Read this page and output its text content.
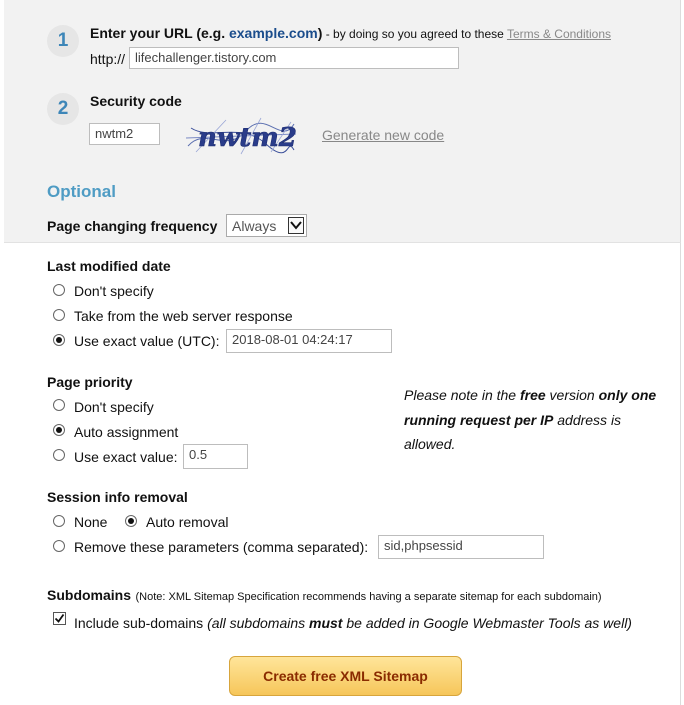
1	Enter your URL (e.g. example.com) - by doing so you agreed to these Terms & Conditions
http:// lifechallenger.tistory.com
2	Security code
nwtm2	nwtm2 Generate new code
Optional
Page changing frequency Always
Last modified date
Don't specify
Take from the web server response
Use exact value (UTC): 2018-08-01 04:24:17
Page priority
Don't specify
Auto assignment
Use exact value: 0.5
Please note in the free version only one running request per IP address is allowed.
Session info removal
None	Auto removal
Remove these parameters (comma separated):	sid,phpsessid
Subdomains (Note: XML Sitemap Specification recommends having a separate sitemap for each subdomain)
Include sub-domains (all subdomains must be added in Google Webmaster Tools as well)
Create free XML Sitemap
